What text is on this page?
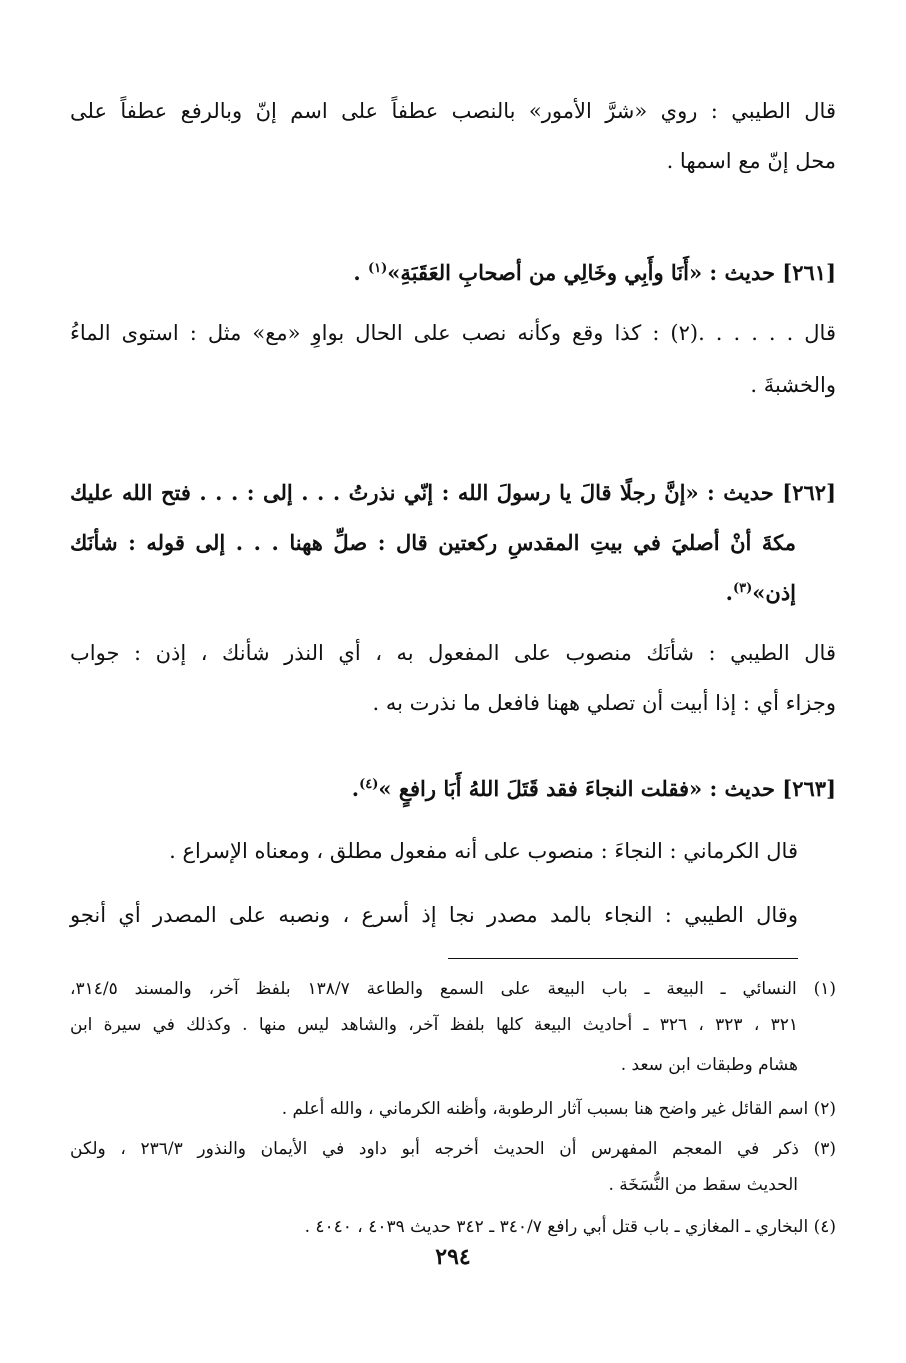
قال الطيبي : روي «شرَّ الأمور» بالنصب عطفاً على اسم إنّ وبالرفع عطفاً على
محل إنّ مع اسمها .
[٢٦١] حديث : «أَنَا وأَبِي وخَالِي من أصحابِ العَقَبَةِ»$^{(١)}$ .
قال . . . . . .(٢) : كذا وقع وكأنه نصب على الحال بواوِ «مع» مثل : استوى الماءُ
والخشبةَ .
[٢٦٢] حديث : «إنَّ رجلًا قالَ يا رسولَ الله : إنّي نذرتُ . . . إلى : . . . فتح الله عليك
مكةَ أنْ أصليَ في بيتِ المقدسِ ركعتين قال : صلِّ ههنا . . . إلى قوله : شأنَك
إذن»$^{(٣)}$.
قال الطيبي : شأنَك منصوب على المفعول به ، أي النذر شأنك ، إذن : جواب
وجزاء أي : إذا أبيت أن تصلي ههنا فافعل ما نذرت به .
[٢٦٣] حديث : «فقلت النجاءَ فقد قَتَلَ اللهُ أَبَا رافعٍ »$^{(٤)}$.
قال الكرماني : النجاءَ : منصوب على أنه مفعول مطلق ، ومعناه الإسراع .
وقال الطيبي : النجاء بالمد مصدر نجا إذ أسرع ، ونصبه على المصدر أي أنجو
(١) النسائي ـ البيعة ـ باب البيعة على السمع والطاعة ١٣٨/٧ بلفظ آخر، والمسند ٣١٤/٥،
٣٢١ ، ٣٢٣ ، ٣٢٦ ـ أحاديث البيعة كلها بلفظ آخر، والشاهد ليس منها . وكذلك في سيرة ابن
هشام وطبقات ابن سعد .
(٢) اسم القائل غير واضح هنا بسبب آثار الرطوبة، وأظنه الكرماني ، والله أعلم .
(٣) ذكر في المعجم المفهرس أن الحديث أخرجه أبو داود في الأيمان والنذور ٢٣٦/٣ ، ولكن
الحديث سقط من النُّسَخَة .
(٤) البخاري ـ المغازي ـ باب قتل أبي رافع ٣٤٠/٧ ـ ٣٤٢ حديث ٤٠٣٩ ، ٤٠٤٠ .
٢٩٤
